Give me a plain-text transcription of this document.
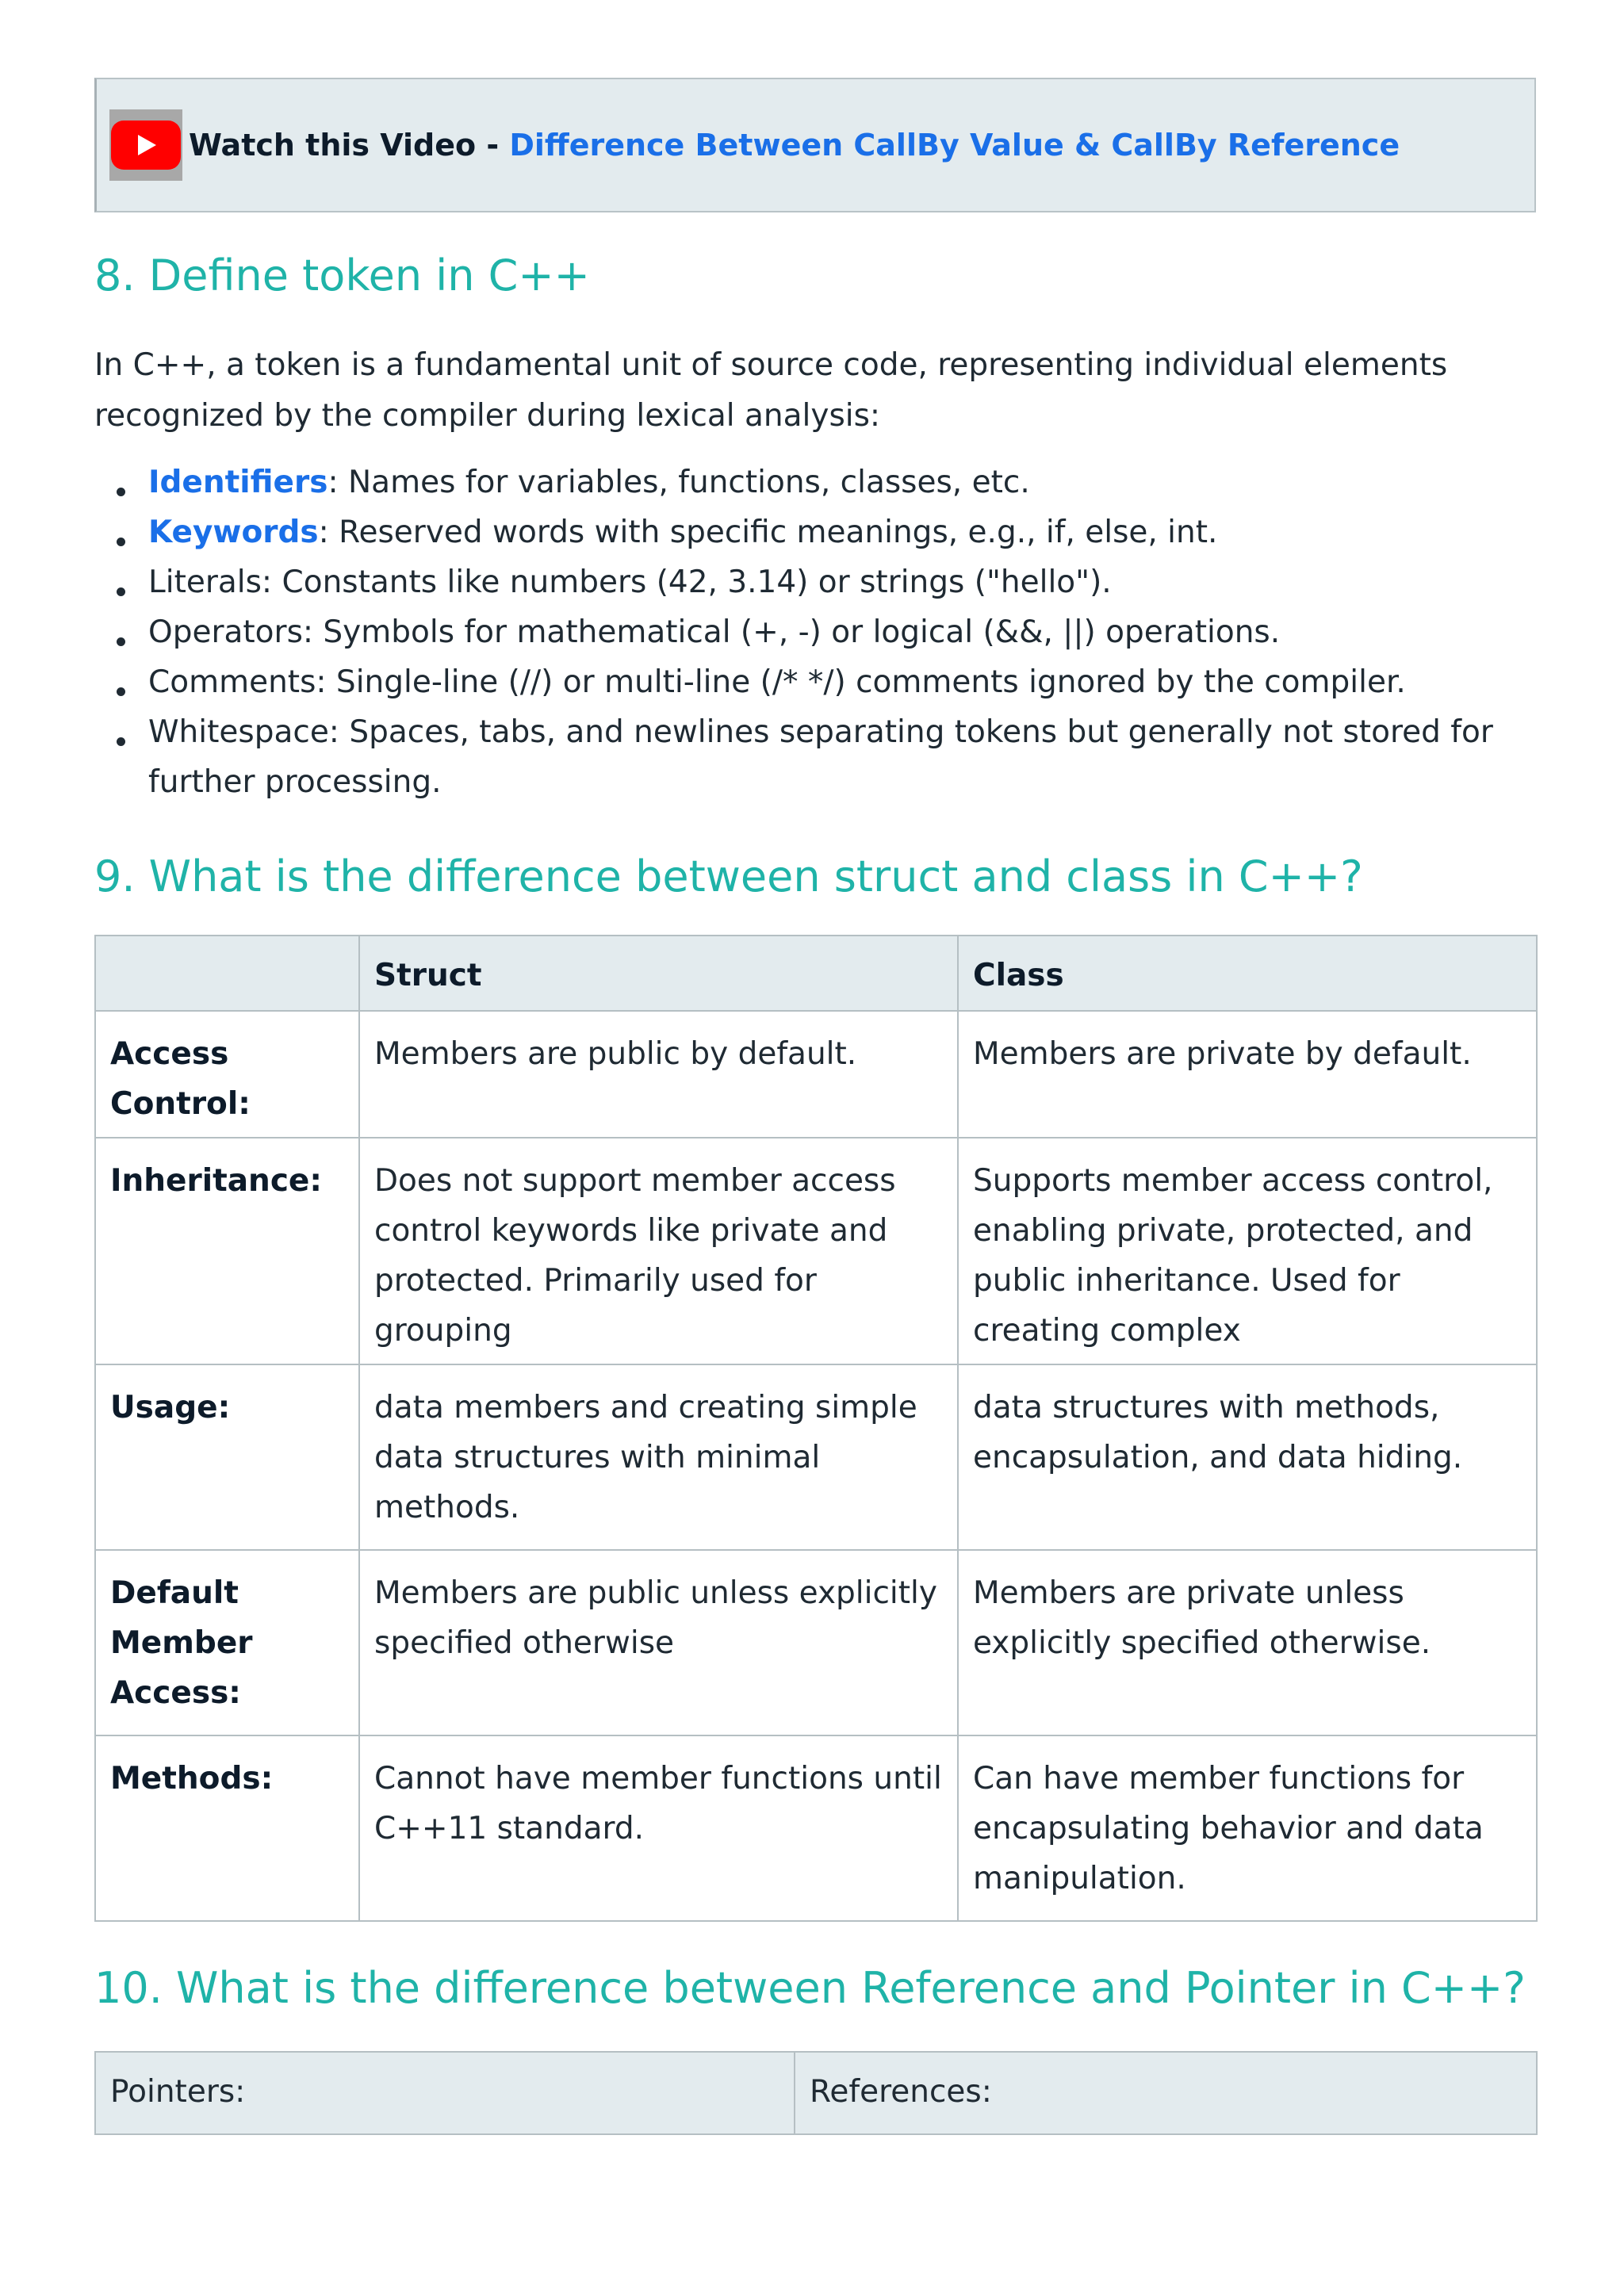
Watch this Video - Difference Between CallBy Value & CallBy Reference
8. Define token in C++

In C++, a token is a fundamental unit of source code, representing individual elements recognized by the compiler during lexical analysis:

Identifiers: Names for variables, functions, classes, etc.
Keywords: Reserved words with specific meanings, e.g., if, else, int.
Literals: Constants like numbers (42, 3.14) or strings ("hello").
Operators: Symbols for mathematical (+, -) or logical (&&, ||) operations.
Comments: Single-line (//) or multi-line (/* */) comments ignored by the compiler.
Whitespace: Spaces, tabs, and newlines separating tokens but generally not stored for further processing.
9. What is the difference between struct and class in C++?
	Struct	Class
Access Control:	Members are public by default.	Members are private by default.
Inheritance:	Does not support member access control keywords like private and protected. Primarily used for grouping	Supports member access control, enabling private, protected, and public inheritance. Used for creating complex
Usage:	data members and creating simple data structures with minimal methods.	data structures with methods, encapsulation, and data hiding.
Default Member Access:	Members are public unless explicitly specified otherwise	Members are private unless explicitly specified otherwise.
Methods:	Cannot have member functions until C++11 standard.	Can have member functions for encapsulating behavior and data manipulation.
10. What is the difference between Reference and Pointer in C++?
Pointers:	References:
